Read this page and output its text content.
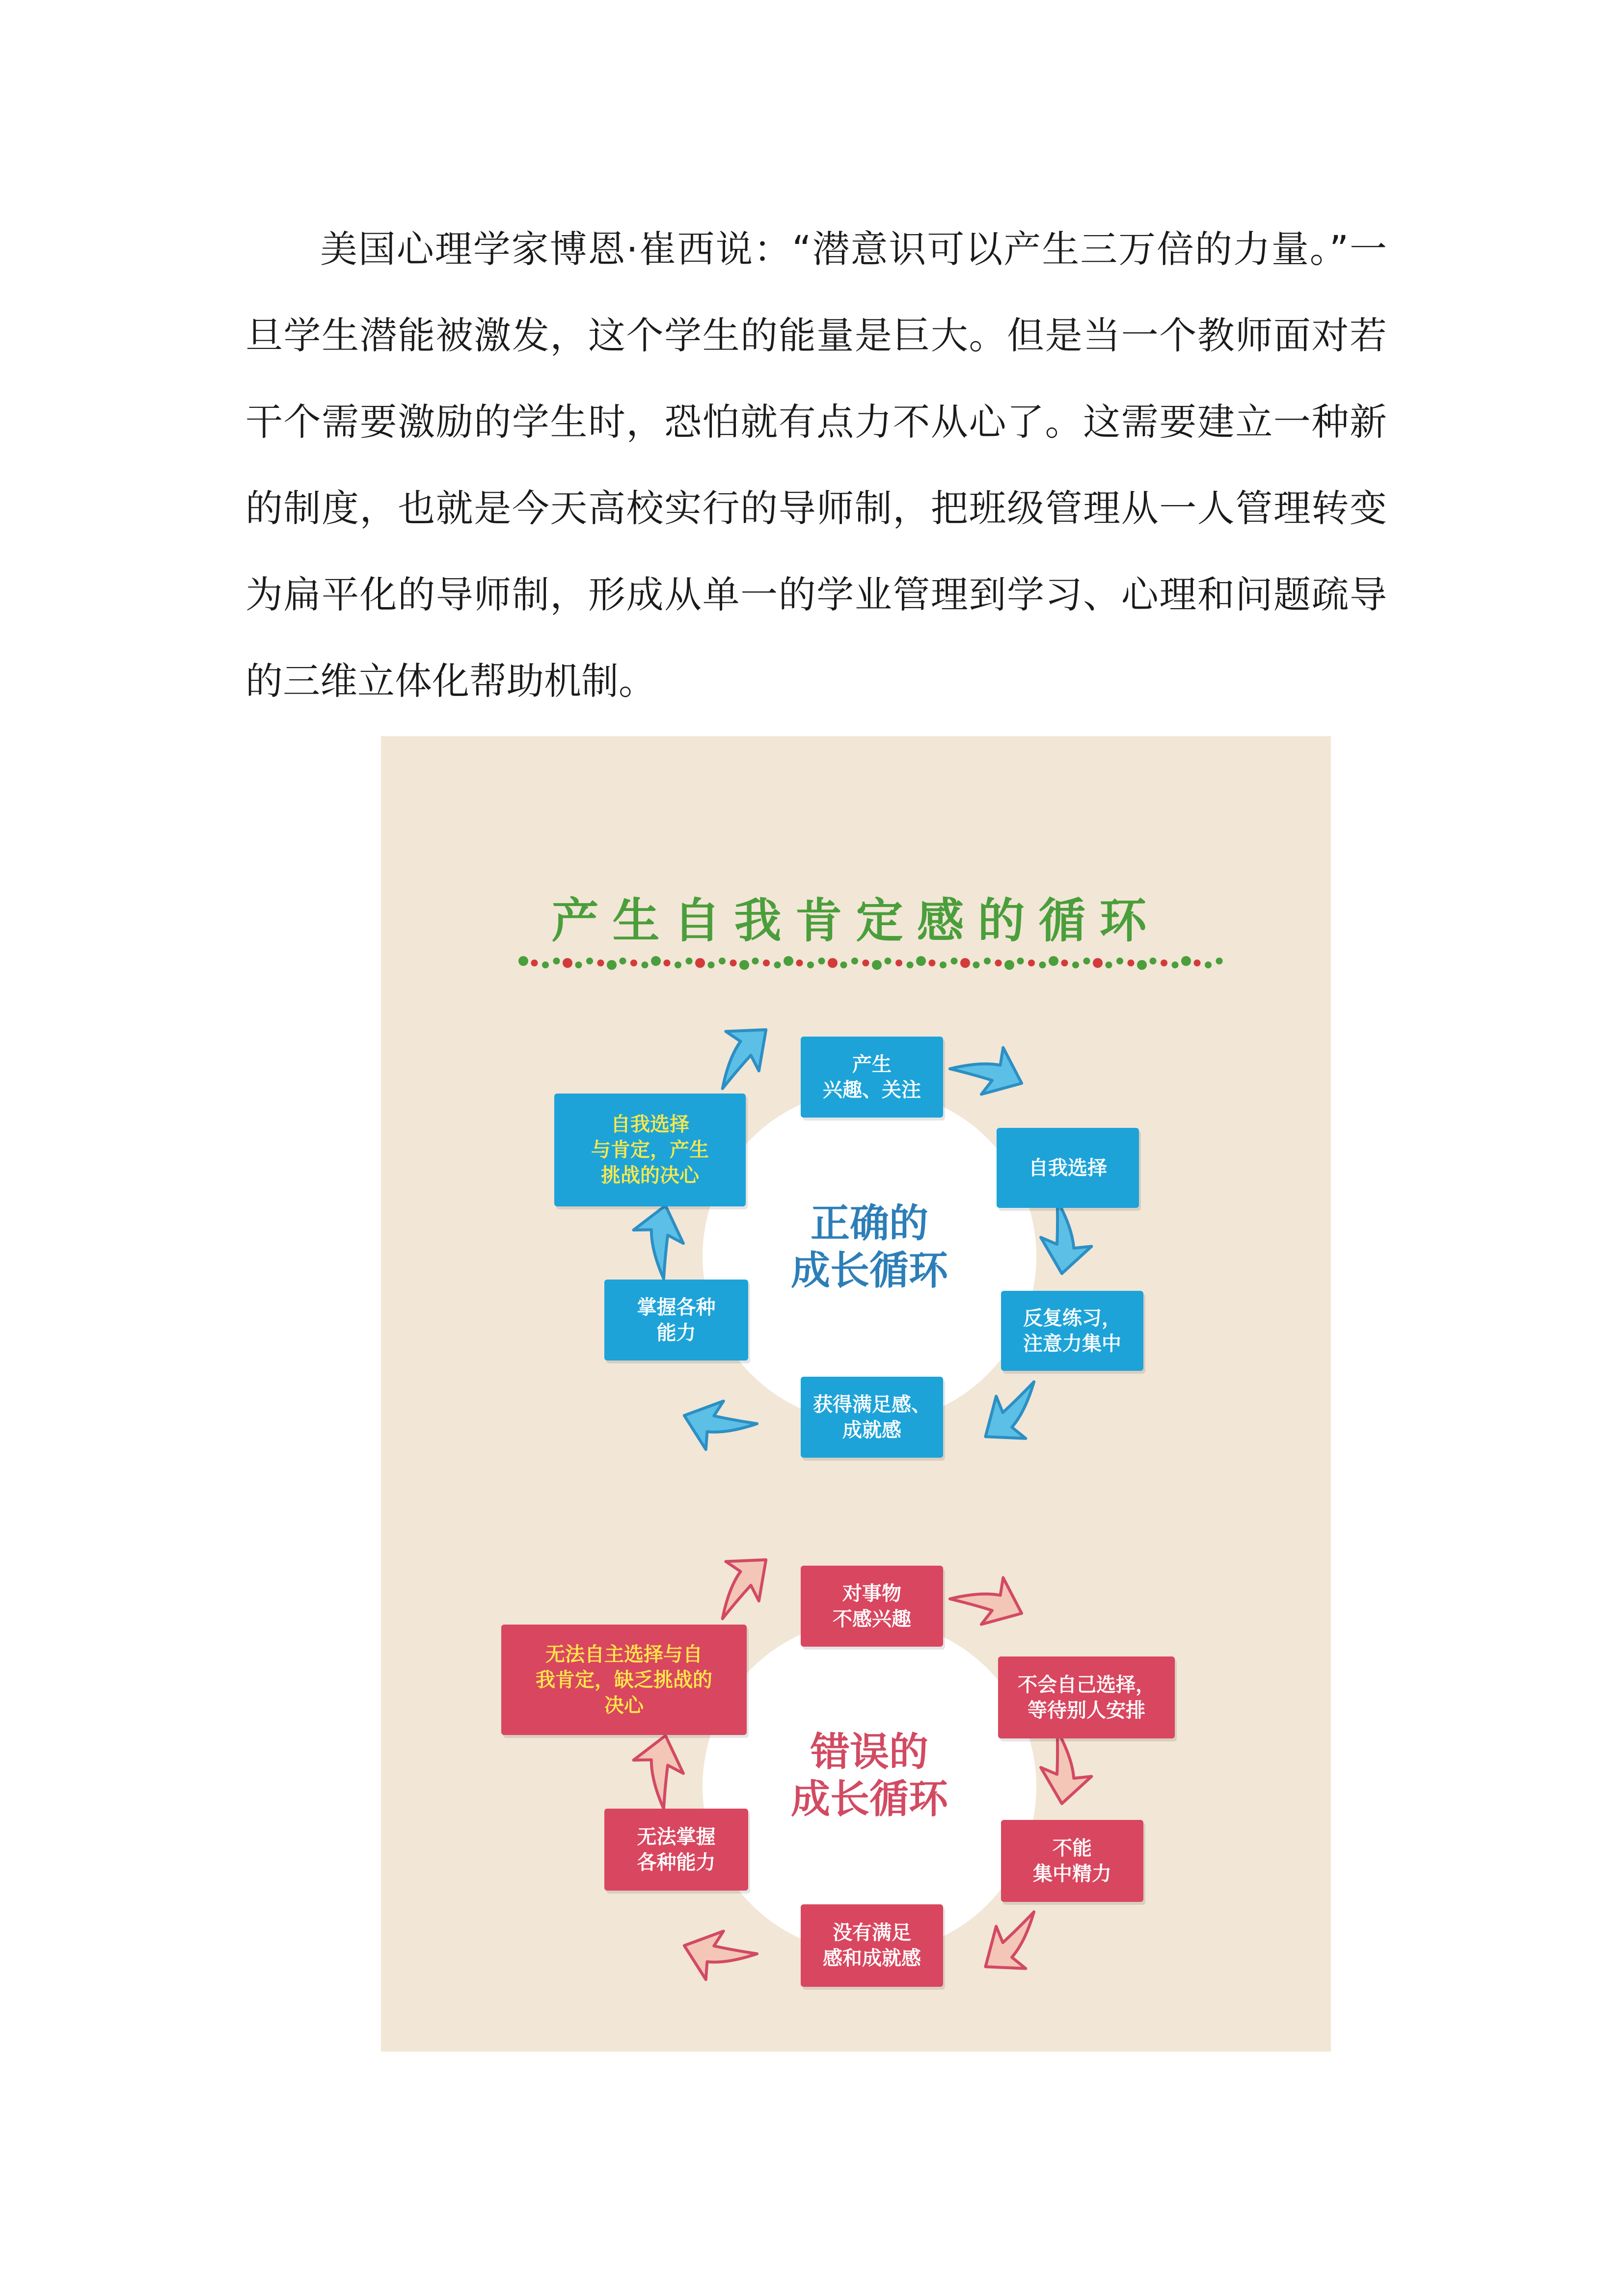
美国心理学家博恩·崔西说：“潜意识可以产生三万倍的力量。”一旦学生潜能被激发，这个学生的能量是巨大。但是当一个教师面对若干个需要激励的学生时，恐怕就有点力不从心了。这需要建立一种新的制度，也就是今天高校实行的导师制，把班级管理从一人管理转变为扁平化的导师制，形成从单一的学业管理到学习、心理和问题疏导的三维立体化帮助机制。

产生自我肯定感的循环
正确的
成长循环
产生
兴趣、关注
自我选择
反复练习，
注意力集中
获得满足感、
成就感
掌握各种
能力
自我选择
与肯定，产生
挑战的决心
错误的
成长循环
对事物
不感兴趣
不会自己选择，
等待别人安排
不能
集中精力
没有满足
感和成就感
无法掌握
各种能力
无法自主选择与自
我肯定，缺乏挑战的
决心
